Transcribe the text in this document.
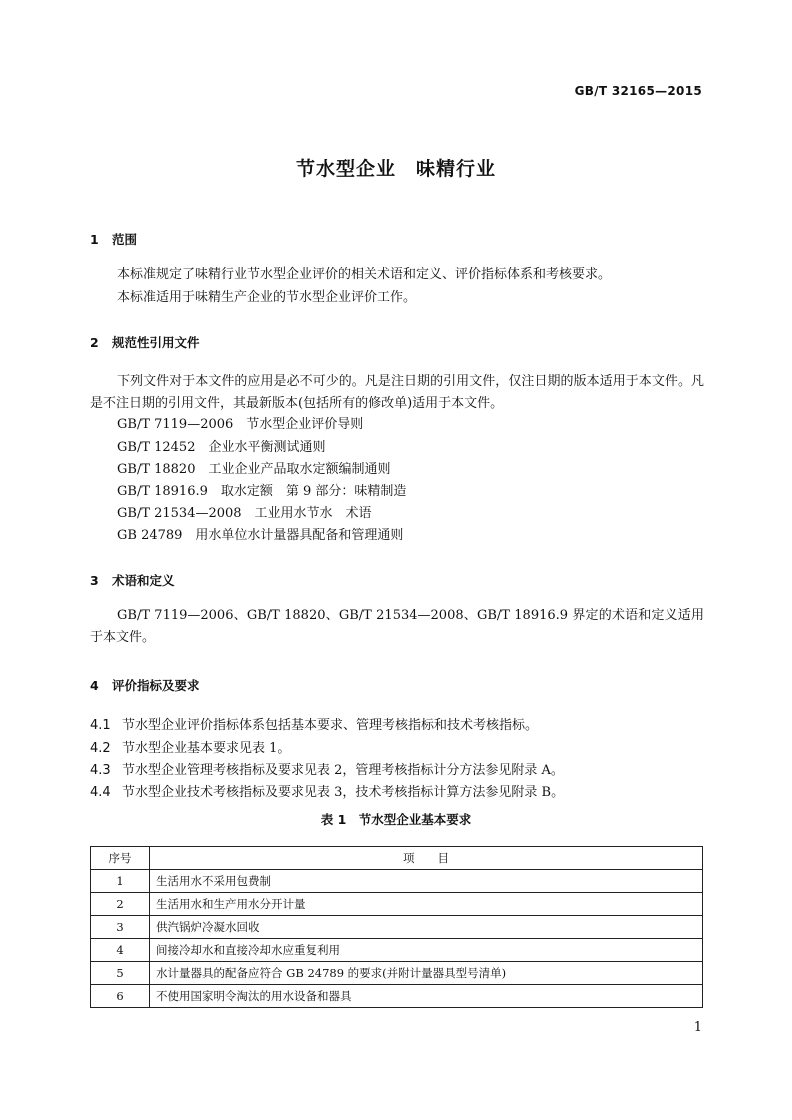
GB/T 32165—2015
节水型企业　味精行业
1 范围
本标准规定了味精行业节水型企业评价的相关术语和定义、评价指标体系和考核要求。
本标准适用于味精生产企业的节水型企业评价工作。
2 规范性引用文件
下列文件对于本文件的应用是必不可少的。凡是注日期的引用文件，仅注日期的版本适用于本文件。凡是不注日期的引用文件，其最新版本(包括所有的修改单)适用于本文件。
GB/T 7119—2006　节水型企业评价导则
GB/T 12452　企业水平衡测试通则
GB/T 18820　工业企业产品取水定额编制通则
GB/T 18916.9　取水定额　第 9 部分：味精制造
GB/T 21534—2008　工业用水节水　术语
GB 24789　用水单位水计量器具配备和管理通则
3 术语和定义
GB/T 7119—2006、GB/T 18820、GB/T 21534—2008、GB/T 18916.9 界定的术语和定义适用于本文件。
4 评价指标及要求
4.1 节水型企业评价指标体系包括基本要求、管理考核指标和技术考核指标。
4.2 节水型企业基本要求见表 1。
4.3 节水型企业管理考核指标及要求见表 2，管理考核指标计分方法参见附录 A。
4.4 节水型企业技术考核指标及要求见表 3，技术考核指标计算方法参见附录 B。
表 1　节水型企业基本要求
序号	项　　目
1	生活用水不采用包费制
2	生活用水和生产用水分开计量
3	供汽锅炉冷凝水回收
4	间接冷却水和直接冷却水应重复利用
5	水计量器具的配备应符合 GB 24789 的要求(并附计量器具型号清单)
6	不使用国家明令淘汰的用水设备和器具
1
